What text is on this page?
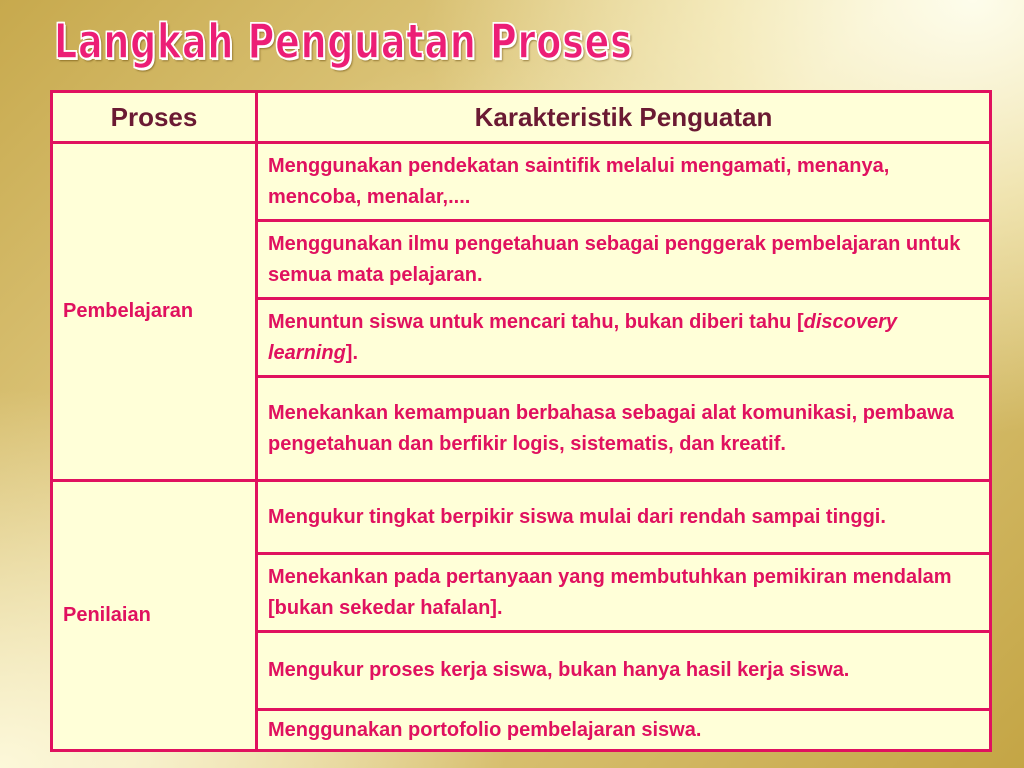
Langkah Penguatan Proses
Proses	Karakteristik Penguatan
Pembelajaran	Menggunakan pendekatan saintifik melalui mengamati, menanya, mencoba, menalar,....
	Menggunakan ilmu pengetahuan sebagai penggerak pembelajaran untuk semua mata pelajaran.
	Menuntun siswa untuk mencari tahu, bukan diberi tahu [discovery learning].
	Menekankan kemampuan berbahasa sebagai alat komunikasi, pembawa pengetahuan dan berfikir logis, sistematis, dan kreatif.
Penilaian	Mengukur tingkat berpikir siswa mulai dari rendah sampai tinggi.
	Menekankan pada pertanyaan yang membutuhkan pemikiran mendalam [bukan sekedar hafalan].
	Mengukur proses kerja siswa, bukan hanya hasil kerja siswa.
	Menggunakan portofolio pembelajaran siswa.
